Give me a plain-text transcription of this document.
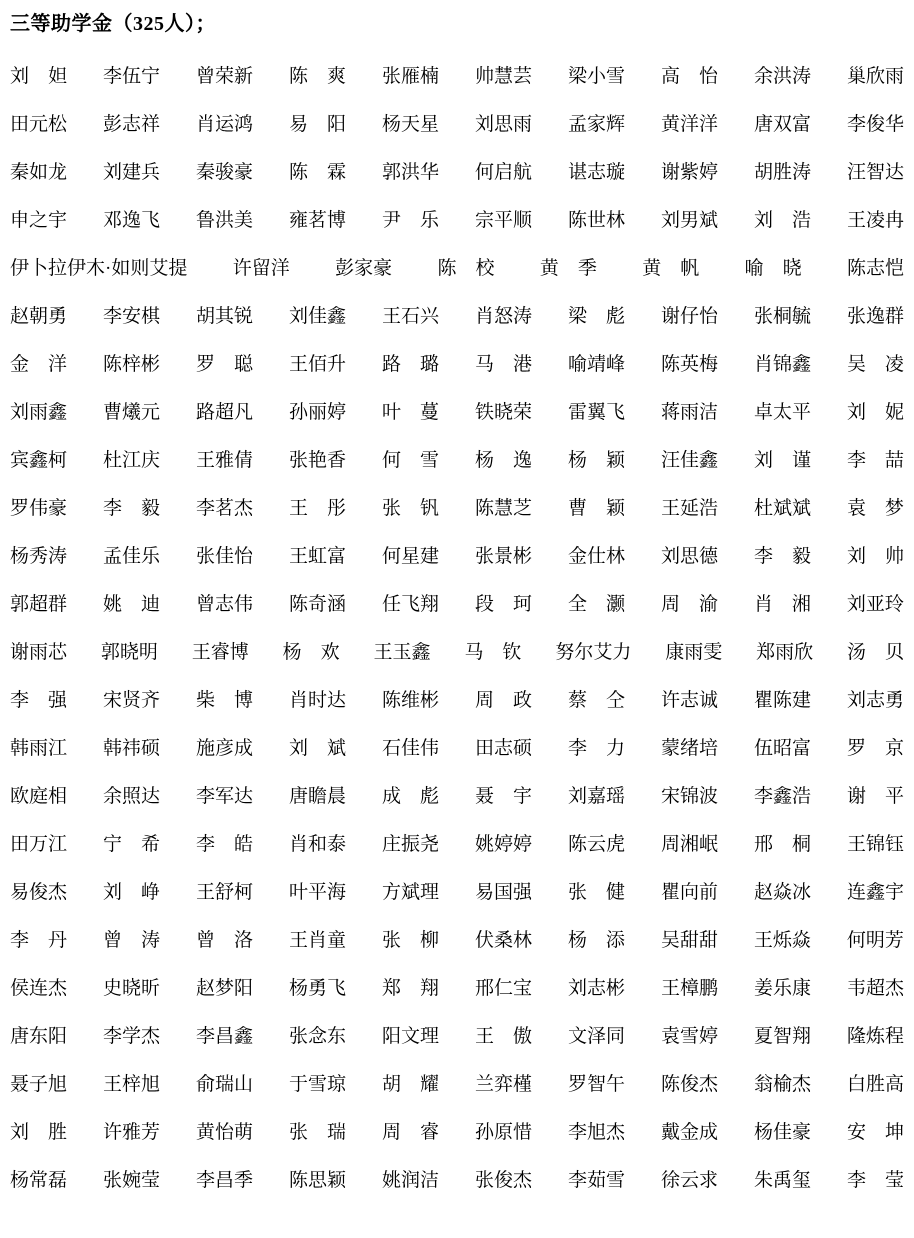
三等助学金（325人）；
刘妲 李伍宁 曾荣新 陈爽 张雁楠 帅慧芸 梁小雪 高怡 余洪涛 巢欣雨
田元松 彭志祥 肖运鸿 易阳 杨天星 刘思雨 孟家辉 黄洋洋 唐双富 李俊华
秦如龙 刘建兵 秦骏豪 陈霖 郭洪华 何启航 谌志璇 谢紫婷 胡胜涛 汪智达
申之宇 邓逸飞 鲁洪美 雍茗博 尹乐 宗平顺 陈世林 刘男斌 刘浩 王凌冉
伊卜拉伊木·如则艾提 许留洋 彭家豪 陈校 黄季 黄帆 喻晓 陈志恺
赵朝勇 李安棋 胡其锐 刘佳鑫 王石兴 肖怒涛 梁彪 谢仔怡 张桐毓 张逸群
金洋 陈梓彬 罗聪 王佰升 路璐 马港 喻靖峰 陈英梅 肖锦鑫 吴凌
刘雨鑫 曹爔元 路超凡 孙丽婷 叶蔓 铁晓荣 雷翼飞 蒋雨洁 卓太平 刘妮
宾鑫柯 杜江庆 王雅倩 张艳香 何雪 杨逸 杨颖 汪佳鑫 刘谨 李喆
罗伟豪 李毅 李茗杰 王彤 张钒 陈慧芝 曹颖 王延浩 杜斌斌 袁梦
杨秀涛 孟佳乐 张佳怡 王虹富 何星建 张景彬 金仕林 刘思德 李毅 刘帅
郭超群 姚迪 曾志伟 陈奇涵 任飞翔 段珂 全灏 周渝 肖湘 刘亚玲
谢雨芯 郭晓明 王睿博 杨欢 王玉鑫 马钦 努尔艾力 康雨雯 郑雨欣 汤贝
李强 宋贤齐 柴博 肖时达 陈维彬 周政 蔡仝 许志诚 瞿陈建 刘志勇
韩雨江 韩祎硕 施彦成 刘斌 石佳伟 田志硕 李力 蒙绪培 伍昭富 罗京
欧庭相 余照达 李军达 唐瞻晨 成彪 聂宇 刘嘉瑶 宋锦波 李鑫浩 谢平
田万江 宁希 李皓 肖和泰 庄振尧 姚婷婷 陈云虎 周湘岷 邢桐 王锦钰
易俊杰 刘峥 王舒柯 叶平海 方斌理 易国强 张健 瞿向前 赵焱冰 连鑫宇
李丹 曾涛 曾洛 王肖童 张柳 伏桑林 杨添 吴甜甜 王烁焱 何明芳
侯连杰 史晓昕 赵梦阳 杨勇飞 郑翔 邢仁宝 刘志彬 王樟鹏 姜乐康 韦超杰
唐东阳 李学杰 李昌鑫 张念东 阳文理 王傲 文泽同 袁雪婷 夏智翔 隆炼程
聂子旭 王梓旭 俞瑞山 于雪琼 胡耀 兰弈槿 罗智午 陈俊杰 翁榆杰 白胜高
刘胜 许雅芳 黄怡萌 张瑞 周睿 孙原惜 李旭杰 戴金成 杨佳豪 安坤
杨常磊 张婉莹 李昌季 陈思颖 姚润洁 张俊杰 李茹雪 徐云求 朱禹玺 李莹
